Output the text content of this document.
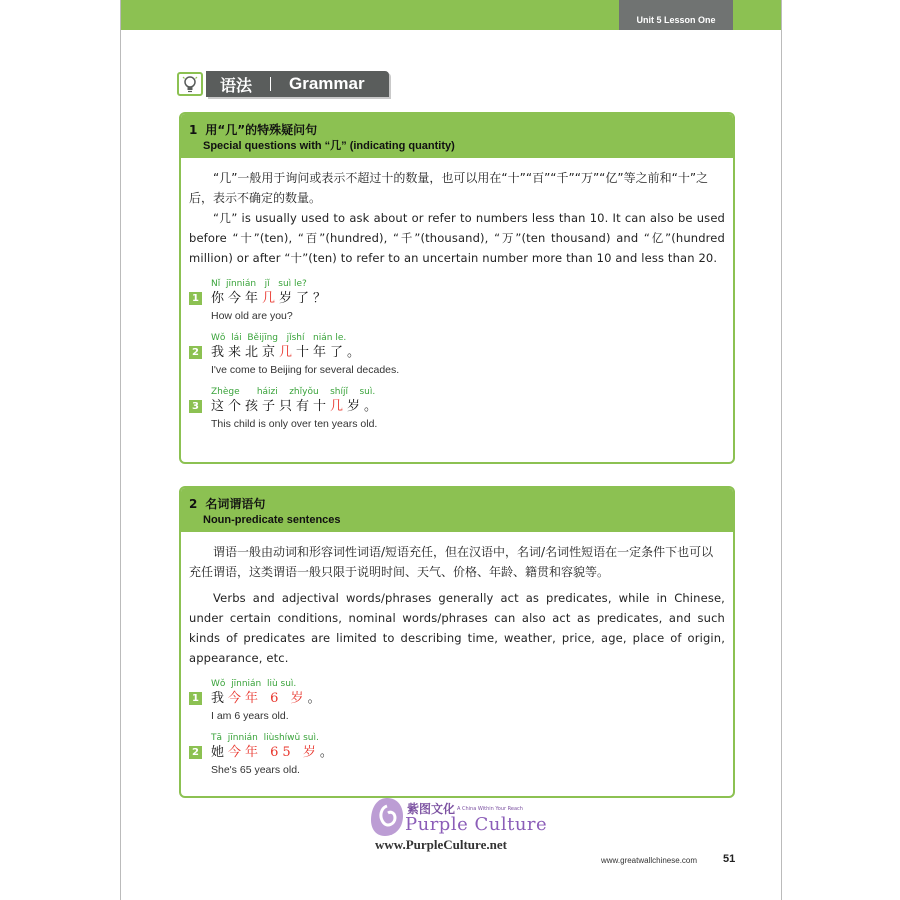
Unit 5 Lesson One
语法 Grammar
1 用“几”的特殊疑问句
Special questions with “几” (indicating quantity)

“几”一般用于询问或表示不超过十的数量，也可以用在“十”“百”“千”“万”“亿”等之前和“十”之后，表示不确定的数量。

“几” is usually used to ask about or refer to numbers less than 10. It can also be used before “十”(ten), “百”(hundred), “千”(thousand), “万”(ten thousand) and “亿”(hundred million) or after “十”(ten) to refer to an uncertain number more than 10 and less than 20.

1
Nǐ  jīnnián   jǐ   suì le?
你今年几岁了？
How old are you?
2
Wǒ  lái  Běijīng   jǐshí   nián le.
我来北京几十年了。
I've come to Beijing for several decades.
3
Zhège      háizi    zhǐyǒu    shíjǐ    suì.
这个孩子只有十几岁。
This child is only over ten years old.
2 名词谓语句
Noun-predicate sentences

谓语一般由动词和形容词性词语/短语充任，但在汉语中，名词/名词性短语在一定条件下也可以充任谓语，这类谓语一般只限于说明时间、天气、价格、年龄、籍贯和容貌等。

Verbs and adjectival words/phrases generally act as predicates, while in Chinese, under certain conditions, nominal words/phrases can also act as predicates, and such kinds of predicates are limited to describing time, weather, price, age, place of origin, appearance, etc.

1
Wǒ  jīnnián  liù suì.
我今年 6 岁。
I am 6 years old.
2
Tā  jīnnián  liùshíwǔ suì.
她今年 65 岁。
She's 65 years old.
紫图文化 A China Within Your Reach
Purple Culture
www.PurpleCulture.net
www.greatwallchinese.com 51
